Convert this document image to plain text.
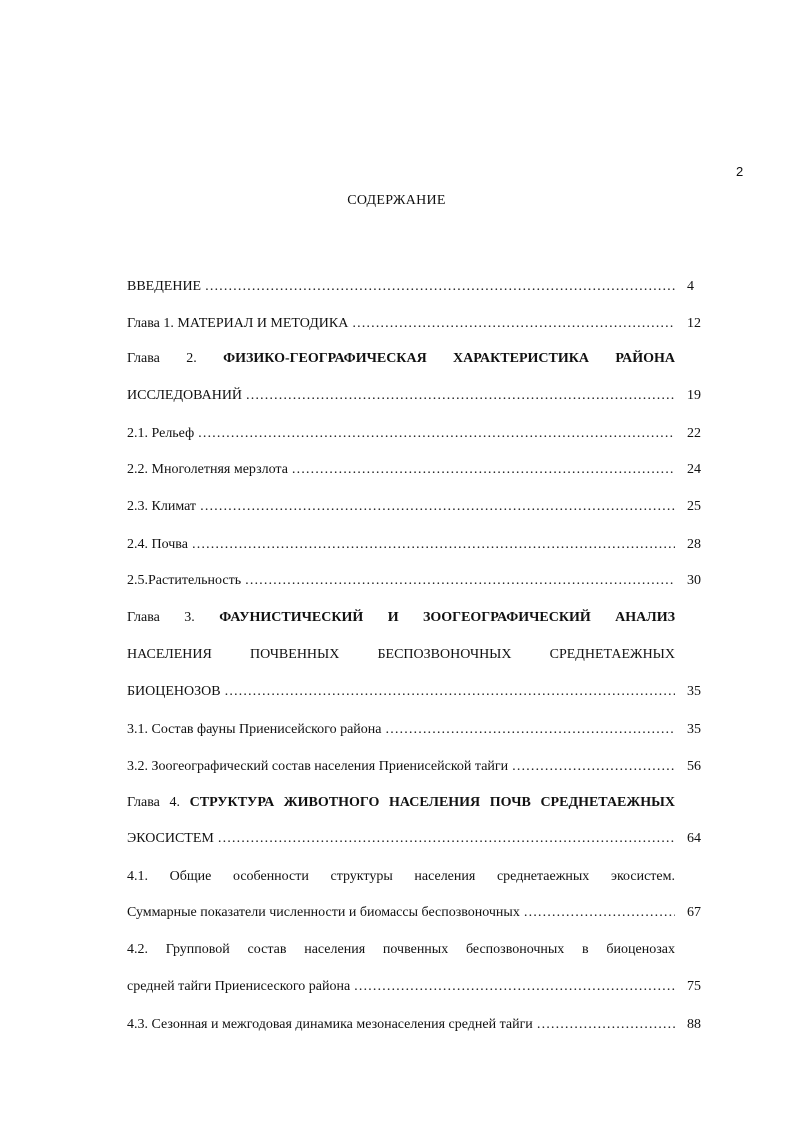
2
СОДЕРЖАНИЕ
ВВЕДЕНИЕ …………………………………………………………………………………………………………………………………………………………………………………………………………………	4
Глава 1. МАТЕРИАЛ И МЕТОДИКА …………………………………………………………………………………………………………………………………………………………………………………………………………………	12
Глава 2. ФИЗИКО-ГЕОГРАФИЧЕСКАЯ ХАРАКТЕРИСТИКА РАЙОНА
ИССЛЕДОВАНИЙ …………………………………………………………………………………………………………………………………………………………………………………………………………………	19
2.1. Рельеф …………………………………………………………………………………………………………………………………………………………………………………………………………………	22
2.2. Многолетняя мерзлота …………………………………………………………………………………………………………………………………………………………………………………………………………………	24
2.3. Климат …………………………………………………………………………………………………………………………………………………………………………………………………………………	25
2.4. Почва …………………………………………………………………………………………………………………………………………………………………………………………………………………	28
2.5.Растительность …………………………………………………………………………………………………………………………………………………………………………………………………………………	30
Глава 3. ФАУНИСТИЧЕСКИЙ И ЗООГЕОГРАФИЧЕСКИЙ АНАЛИЗ
НАСЕЛЕНИЯ ПОЧВЕННЫХ БЕСПОЗВОНОЧНЫХ СРЕДНЕТАЕЖНЫХ
БИОЦЕНОЗОВ …………………………………………………………………………………………………………………………………………………………………………………………………………………	35
3.1. Состав фауны Приенисейского района …………………………………………………………………………………………………………………………………………………………………………………………………………………	35
3.2. Зоогеографический состав населения Приенисейской тайги …………………………………………………………………………………………………………………………………………………………………………………………………………………	56
Глава 4. СТРУКТУРА ЖИВОТНОГО НАСЕЛЕНИЯ ПОЧВ СРЕДНЕТАЕЖНЫХ
ЭКОСИСТЕМ …………………………………………………………………………………………………………………………………………………………………………………………………………………	64
4.1. Общие особенности структуры населения среднетаежных экосистем.
Суммарные показатели численности и биомассы беспозвоночных …………………………………………………………………………………………………………………………………………………………………………………………………………………	67
4.2. Групповой состав населения почвенных беспозвоночных в биоценозах
средней тайги Приенисеского района …………………………………………………………………………………………………………………………………………………………………………………………………………………	75
4.3. Сезонная и межгодовая динамика мезонаселения средней тайги …………………………………………………………………………………………………………………………………………………………………………………………………………………	88
